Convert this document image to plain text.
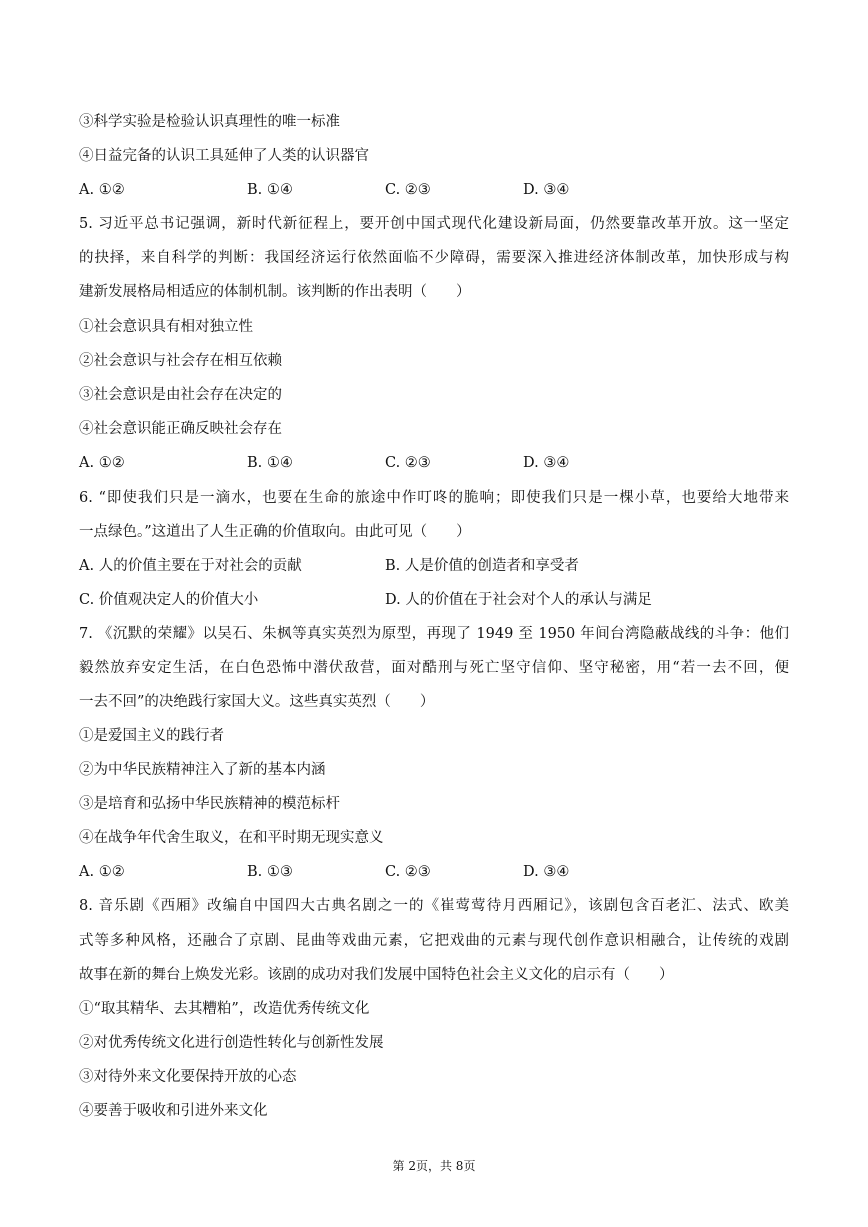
③科学实验是检验认识真理性的唯一标准
④日益完备的认识工具延伸了人类的认识器官
A. ①②	B. ①④	C. ②③	D. ③④
5. 习近平总书记强调，新时代新征程上，要开创中国式现代化建设新局面，仍然要靠改革开放。这一坚定
的抉择，来自科学的判断：我国经济运行依然面临不少障碍，需要深入推进经济体制改革，加快形成与构
建新发展格局相适应的体制机制。该判断的作出表明（　　）
①社会意识具有相对独立性
②社会意识与社会存在相互依赖
③社会意识是由社会存在决定的
④社会意识能正确反映社会存在
A. ①②	B. ①④	C. ②③	D. ③④
6. “即使我们只是一滴水，也要在生命的旅途中作叮咚的脆响；即使我们只是一棵小草，也要给大地带来
一点绿色。”这道出了人生正确的价值取向。由此可见（　　）
A. 人的价值主要在于对社会的贡献	B. 人是价值的创造者和享受者
C. 价值观决定人的价值大小	D. 人的价值在于社会对个人的承认与满足
7. 《沉默的荣耀》以吴石、朱枫等真实英烈为原型，再现了 1949 至 1950 年间台湾隐蔽战线的斗争：他们
毅然放弃安定生活，在白色恐怖中潜伏敌营，面对酷刑与死亡坚守信仰、坚守秘密，用“若一去不回，便
一去不回”的决绝践行家国大义。这些真实英烈（　　）
①是爱国主义的践行者
②为中华民族精神注入了新的基本内涵
③是培育和弘扬中华民族精神的模范标杆
④在战争年代舍生取义，在和平时期无现实意义
A. ①②	B. ①③	C. ②③	D. ③④
8. 音乐剧《西厢》改编自中国四大古典名剧之一的《崔莺莺待月西厢记》，该剧包含百老汇、法式、欧美
式等多种风格，还融合了京剧、昆曲等戏曲元素，它把戏曲的元素与现代创作意识相融合，让传统的戏剧
故事在新的舞台上焕发光彩。该剧的成功对我们发展中国特色社会主义文化的启示有（　　）
①“取其精华、去其糟粕”，改造优秀传统文化
②对优秀传统文化进行创造性转化与创新性发展
③对待外来文化要保持开放的心态
④要善于吸收和引进外来文化
第 2页，共 8页
